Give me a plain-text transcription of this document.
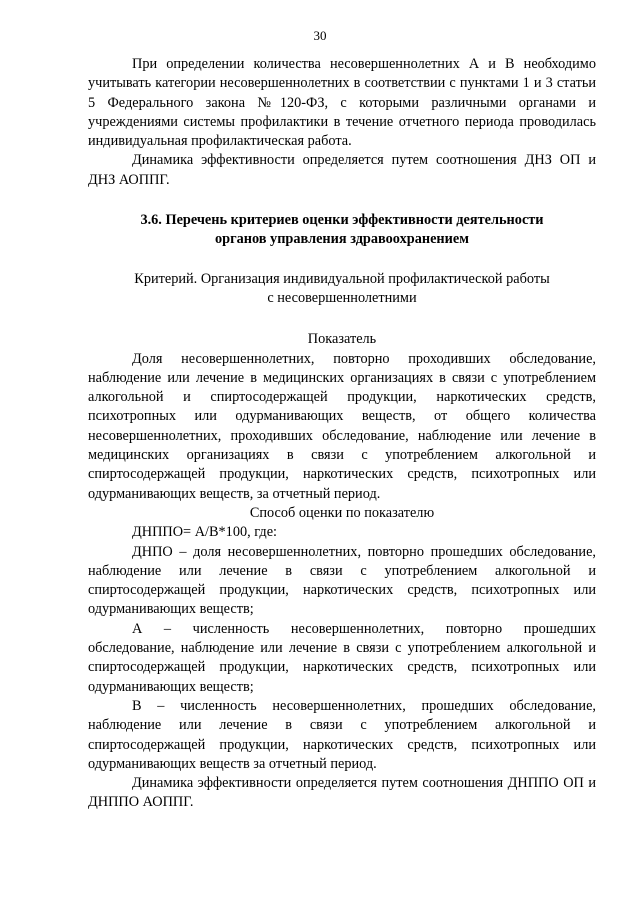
30

При определении количества несовершеннолетних А и В необходимо учитывать категории несовершеннолетних в соответствии с пунктами 1 и 3 статьи 5 Федерального закона №120-ФЗ, с которыми различными органами и учреждениями системы профилактики в течение отчетного периода проводилась индивидуальная профилактическая работа.

Динамика эффективности определяется путем соотношения ДНЗ ОП и ДНЗ АОППГ.

3.6. Перечень критериев оценки эффективности деятельности
органов управления здравоохранением
Критерий. Организация индивидуальной профилактической работы
с несовершеннолетними
Показатель

Доля несовершеннолетних, повторно проходивших обследование, наблюдение или лечение в медицинских организациях в связи с употреблением алкогольной и спиртосодержащей продукции, наркотических средств, психотропных или одурманивающих веществ, от общего количества несовершеннолетних, проходивших обследование, наблюдение или лечение в медицинских организациях в связи с употреблением алкогольной и спиртосодержащей продукции, наркотических средств, психотропных или одурманивающих веществ, за отчетный период.

Способ оценки по показателю

ДНППО= А/В*100, где:

ДНПО – доля несовершеннолетних, повторно прошедших обследование, наблюдение или лечение в связи с употреблением алкогольной и спиртосодержащей продукции, наркотических средств, психотропных или одурманивающих веществ;

А – численность несовершеннолетних, повторно прошедших обследование, наблюдение или лечение в связи с употреблением алкогольной и спиртосодержащей продукции, наркотических средств, психотропных или одурманивающих веществ;

В – численность несовершеннолетних, прошедших обследование, наблюдение или лечение в связи с употреблением алкогольной и спиртосодержащей продукции, наркотических средств, психотропных или одурманивающих веществ за отчетный период.

Динамика эффективности определяется путем соотношения ДНППО ОП и ДНППО АОППГ.
